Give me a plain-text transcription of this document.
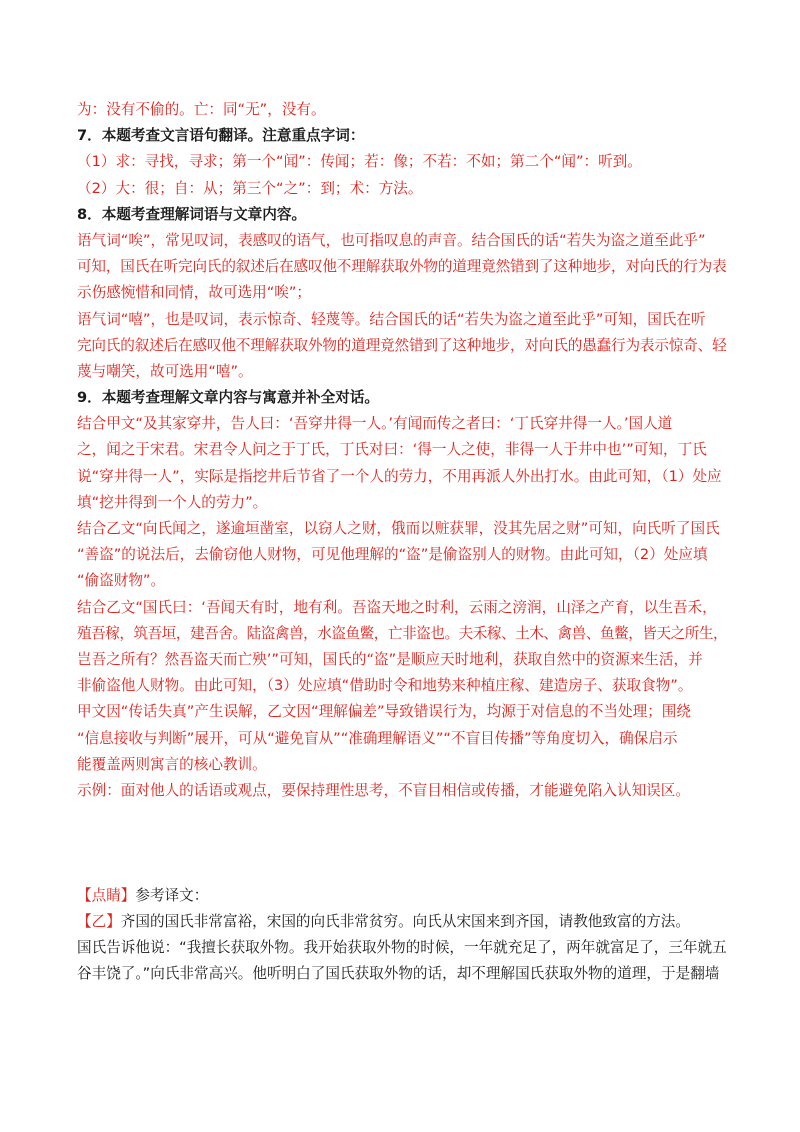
为：没有不偷的。亡：同“无”，没有。
7．本题考查文言语句翻译。注意重点字词：
（1）求：寻找，寻求；第一个“闻”：传闻；若：像；不若：不如；第二个“闻”：听到。
（2）大：很；自：从；第三个“之”：到；术：方法。
8．本题考查理解词语与文章内容。
语气词“唉”，常见叹词，表感叹的语气，也可指叹息的声音。结合国氏的话“若失为盗之道至此乎”
可知，国氏在听完向氏的叙述后在感叹他不理解获取外物的道理竟然错到了这种地步，对向氏的行为表
示伤感惋惜和同情，故可选用“唉”；
语气词“嘻”，也是叹词，表示惊奇、轻蔑等。结合国氏的话“若失为盗之道至此乎”可知，国氏在听
完向氏的叙述后在感叹他不理解获取外物的道理竟然错到了这种地步，对向氏的愚蠢行为表示惊奇、轻
蔑与嘲笑，故可选用“嘻”。
9．本题考查理解文章内容与寓意并补全对话。
结合甲文“及其家穿井，告人曰：‘吾穿井得一人。’有闻而传之者曰：‘丁氏穿井得一人。’国人道
之，闻之于宋君。宋君令人问之于丁氏，丁氏对曰：‘得一人之使，非得一人于井中也’”可知，丁氏
说“穿井得一人”，实际是指挖井后节省了一个人的劳力，不用再派人外出打水。由此可知，（1）处应
填“挖井得到一个人的劳力”。
结合乙文“向氏闻之，遂逾垣凿室，以窃人之财，俄而以赃获罪，没其先居之财”可知，向氏听了国氏
“善盗”的说法后，去偷窃他人财物，可见他理解的“盗”是偷盗别人的财物。由此可知，（2）处应填
“偷盗财物”。
结合乙文“国氏曰：‘吾闻天有时，地有利。吾盗天地之时利，云雨之滂润，山泽之产育，以生吾禾，
殖吾稼，筑吾垣，建吾舍。陆盗禽兽，水盗鱼鳖，亡非盗也。夫禾稼、土木、禽兽、鱼鳖，皆天之所生，
岂吾之所有？然吾盗天而亡殃’”可知，国氏的“盗”是顺应天时地利，获取自然中的资源来生活，并
非偷盗他人财物。由此可知，（3）处应填“借助时令和地势来种植庄稼、建造房子、获取食物”。
甲文因“传话失真”产生误解，乙文因“理解偏差”导致错误行为，均源于对信息的不当处理；围绕
“信息接收与判断”展开，可从“避免盲从”“准确理解语义”“不盲目传播”等角度切入，确保启示
能覆盖两则寓言的核心教训。
示例：面对他人的话语或观点，要保持理性思考，不盲目相信或传播，才能避免陷入认知误区。
【点睛】参考译文：
【乙】齐国的国氏非常富裕，宋国的向氏非常贫穷。向氏从宋国来到齐国，请教他致富的方法。
国氏告诉他说：“我擅长获取外物。我开始获取外物的时候，一年就充足了，两年就富足了，三年就五
谷丰饶了。”向氏非常高兴。他听明白了国氏获取外物的话，却不理解国氏获取外物的道理，于是翻墙
